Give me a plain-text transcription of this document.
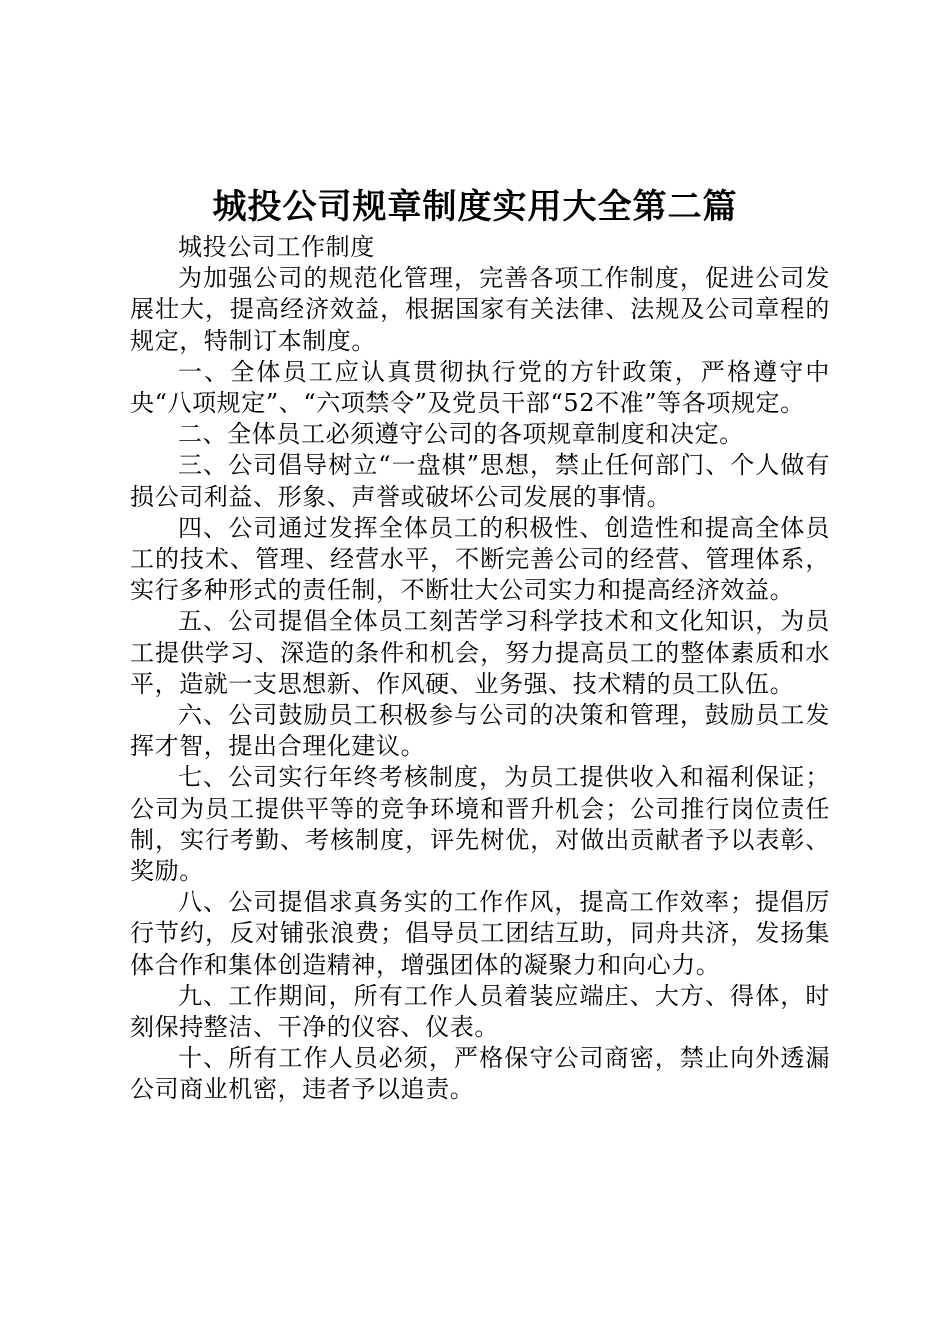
城投公司规章制度实用大全第二篇

城投公司工作制度

为加强公司的规范化管理，完善各项工作制度，促进公司发展壮大，提高经济效益，根据国家有关法律、法规及公司章程的规定，特制订本制度。

一、全体员工应认真贯彻执行党的方针政策，严格遵守中央“八项规定”、“六项禁令”及党员干部“52不准”等各项规定。

二、全体员工必须遵守公司的各项规章制度和决定。

三、公司倡导树立“一盘棋”思想，禁止任何部门、个人做有损公司利益、形象、声誉或破坏公司发展的事情。

四、公司通过发挥全体员工的积极性、创造性和提高全体员工的技术、管理、经营水平，不断完善公司的经营、管理体系，实行多种形式的责任制，不断壮大公司实力和提高经济效益。

五、公司提倡全体员工刻苦学习科学技术和文化知识，为员工提供学习、深造的条件和机会，努力提高员工的整体素质和水平，造就一支思想新、作风硬、业务强、技术精的员工队伍。

六、公司鼓励员工积极参与公司的决策和管理，鼓励员工发挥才智，提出合理化建议。

七、公司实行年终考核制度，为员工提供收入和福利保证；公司为员工提供平等的竞争环境和晋升机会；公司推行岗位责任制，实行考勤、考核制度，评先树优，对做出贡献者予以表彰、奖励。

八、公司提倡求真务实的工作作风，提高工作效率；提倡厉行节约，反对铺张浪费；倡导员工团结互助，同舟共济，发扬集体合作和集体创造精神，增强团体的凝聚力和向心力。

九、工作期间，所有工作人员着装应端庄、大方、得体，时刻保持整洁、干净的仪容、仪表。

十、所有工作人员必须，严格保守公司商密，禁止向外透漏公司商业机密，违者予以追责。
